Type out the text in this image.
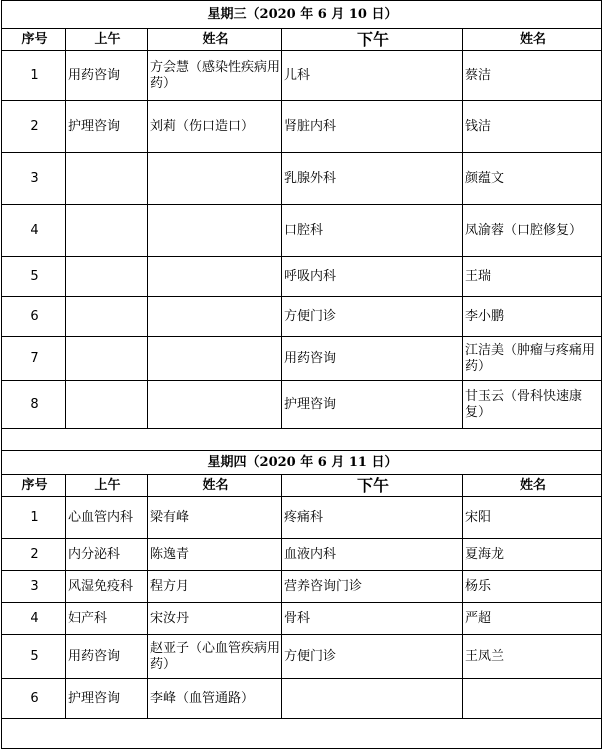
星期三（2020 年 6 月 10 日）				
序号	上午	姓名	下午	姓名
1	用药咨询	方会慧（感染性疾病用药）	儿科	蔡洁
2	护理咨询	刘莉（伤口造口）	肾脏内科	钱洁
3			乳腺外科	颜蕴文
4			口腔科	凤渝蓉（口腔修复）
5			呼吸内科	王瑞
6			方便门诊	李小鹏
7			用药咨询	江洁美（肿瘤与疼痛用药）
8			护理咨询	甘玉云（骨科快速康复）

星期四（2020 年 6 月 11 日）				
序号	上午	姓名	下午	姓名
1	心血管内科	梁有峰	疼痛科	宋阳
2	内分泌科	陈逸青	血液内科	夏海龙
3	风湿免疫科	程方月	营养咨询门诊	杨乐
4	妇产科	宋汝丹	骨科	严超
5	用药咨询	赵亚子（心血管疾病用药）	方便门诊	王凤兰
6	护理咨询	李峰（血管通路）		
